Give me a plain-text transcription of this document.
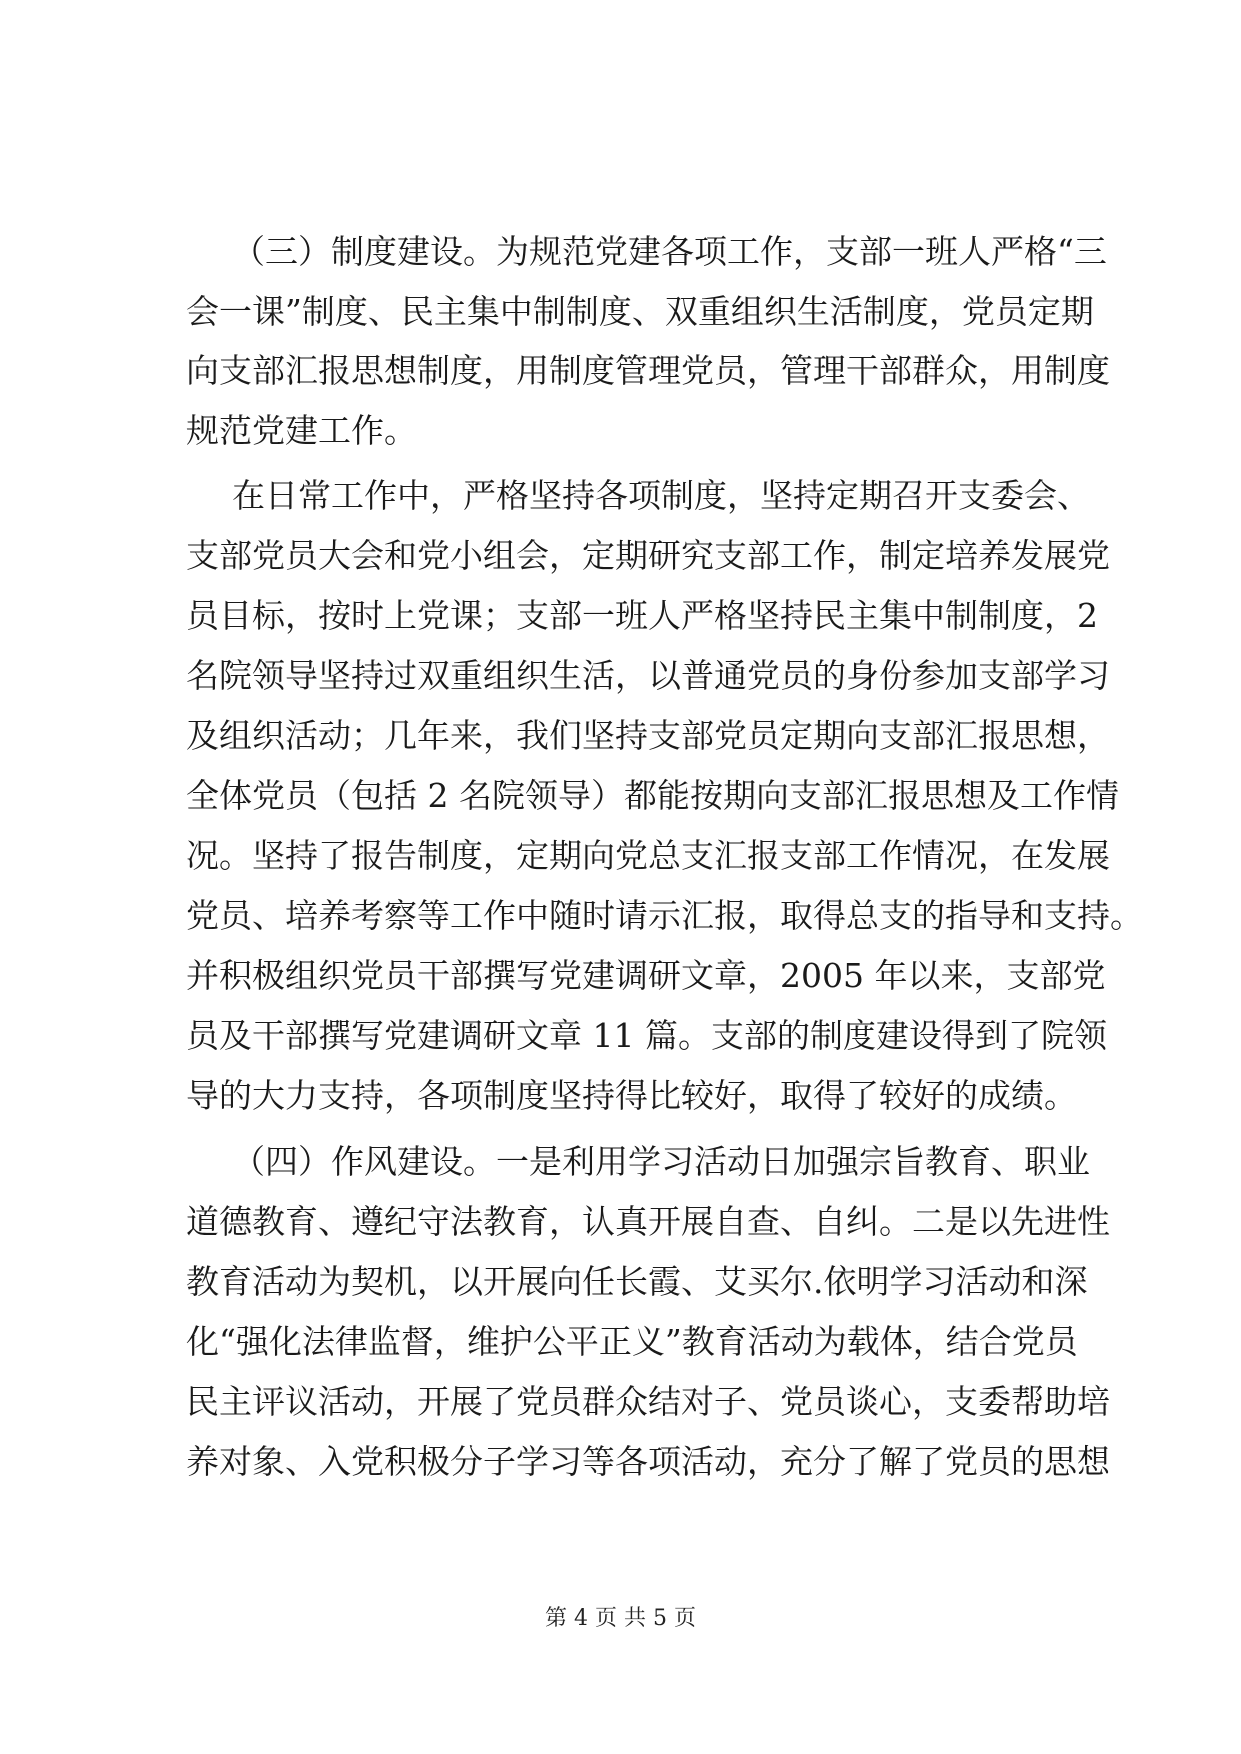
（三）制度建设。为规范党建各项工作，支部一班人严格“三
会一课”制度、民主集中制制度、双重组织生活制度，党员定期
向支部汇报思想制度，用制度管理党员，管理干部群众，用制度
规范党建工作。
在日常工作中，严格坚持各项制度，坚持定期召开支委会、
支部党员大会和党小组会，定期研究支部工作，制定培养发展党
员目标，按时上党课；支部一班人严格坚持民主集中制制度，2
名院领导坚持过双重组织生活，以普通党员的身份参加支部学习
及组织活动；几年来，我们坚持支部党员定期向支部汇报思想，
全体党员（包括 2 名院领导）都能按期向支部汇报思想及工作情
况。坚持了报告制度，定期向党总支汇报支部工作情况，在发展
党员、培养考察等工作中随时请示汇报，取得总支的指导和支持。
并积极组织党员干部撰写党建调研文章，2005 年以来，支部党
员及干部撰写党建调研文章 11 篇。支部的制度建设得到了院领
导的大力支持，各项制度坚持得比较好，取得了较好的成绩。
（四）作风建设。一是利用学习活动日加强宗旨教育、职业
道德教育、遵纪守法教育，认真开展自查、自纠。二是以先进性
教育活动为契机，以开展向任长霞、艾买尔.依明学习活动和深
化“强化法律监督，维护公平正义”教育活动为载体，结合党员
民主评议活动，开展了党员群众结对子、党员谈心，支委帮助培
养对象、入党积极分子学习等各项活动，充分了解了党员的思想
第 4 页 共 5 页
